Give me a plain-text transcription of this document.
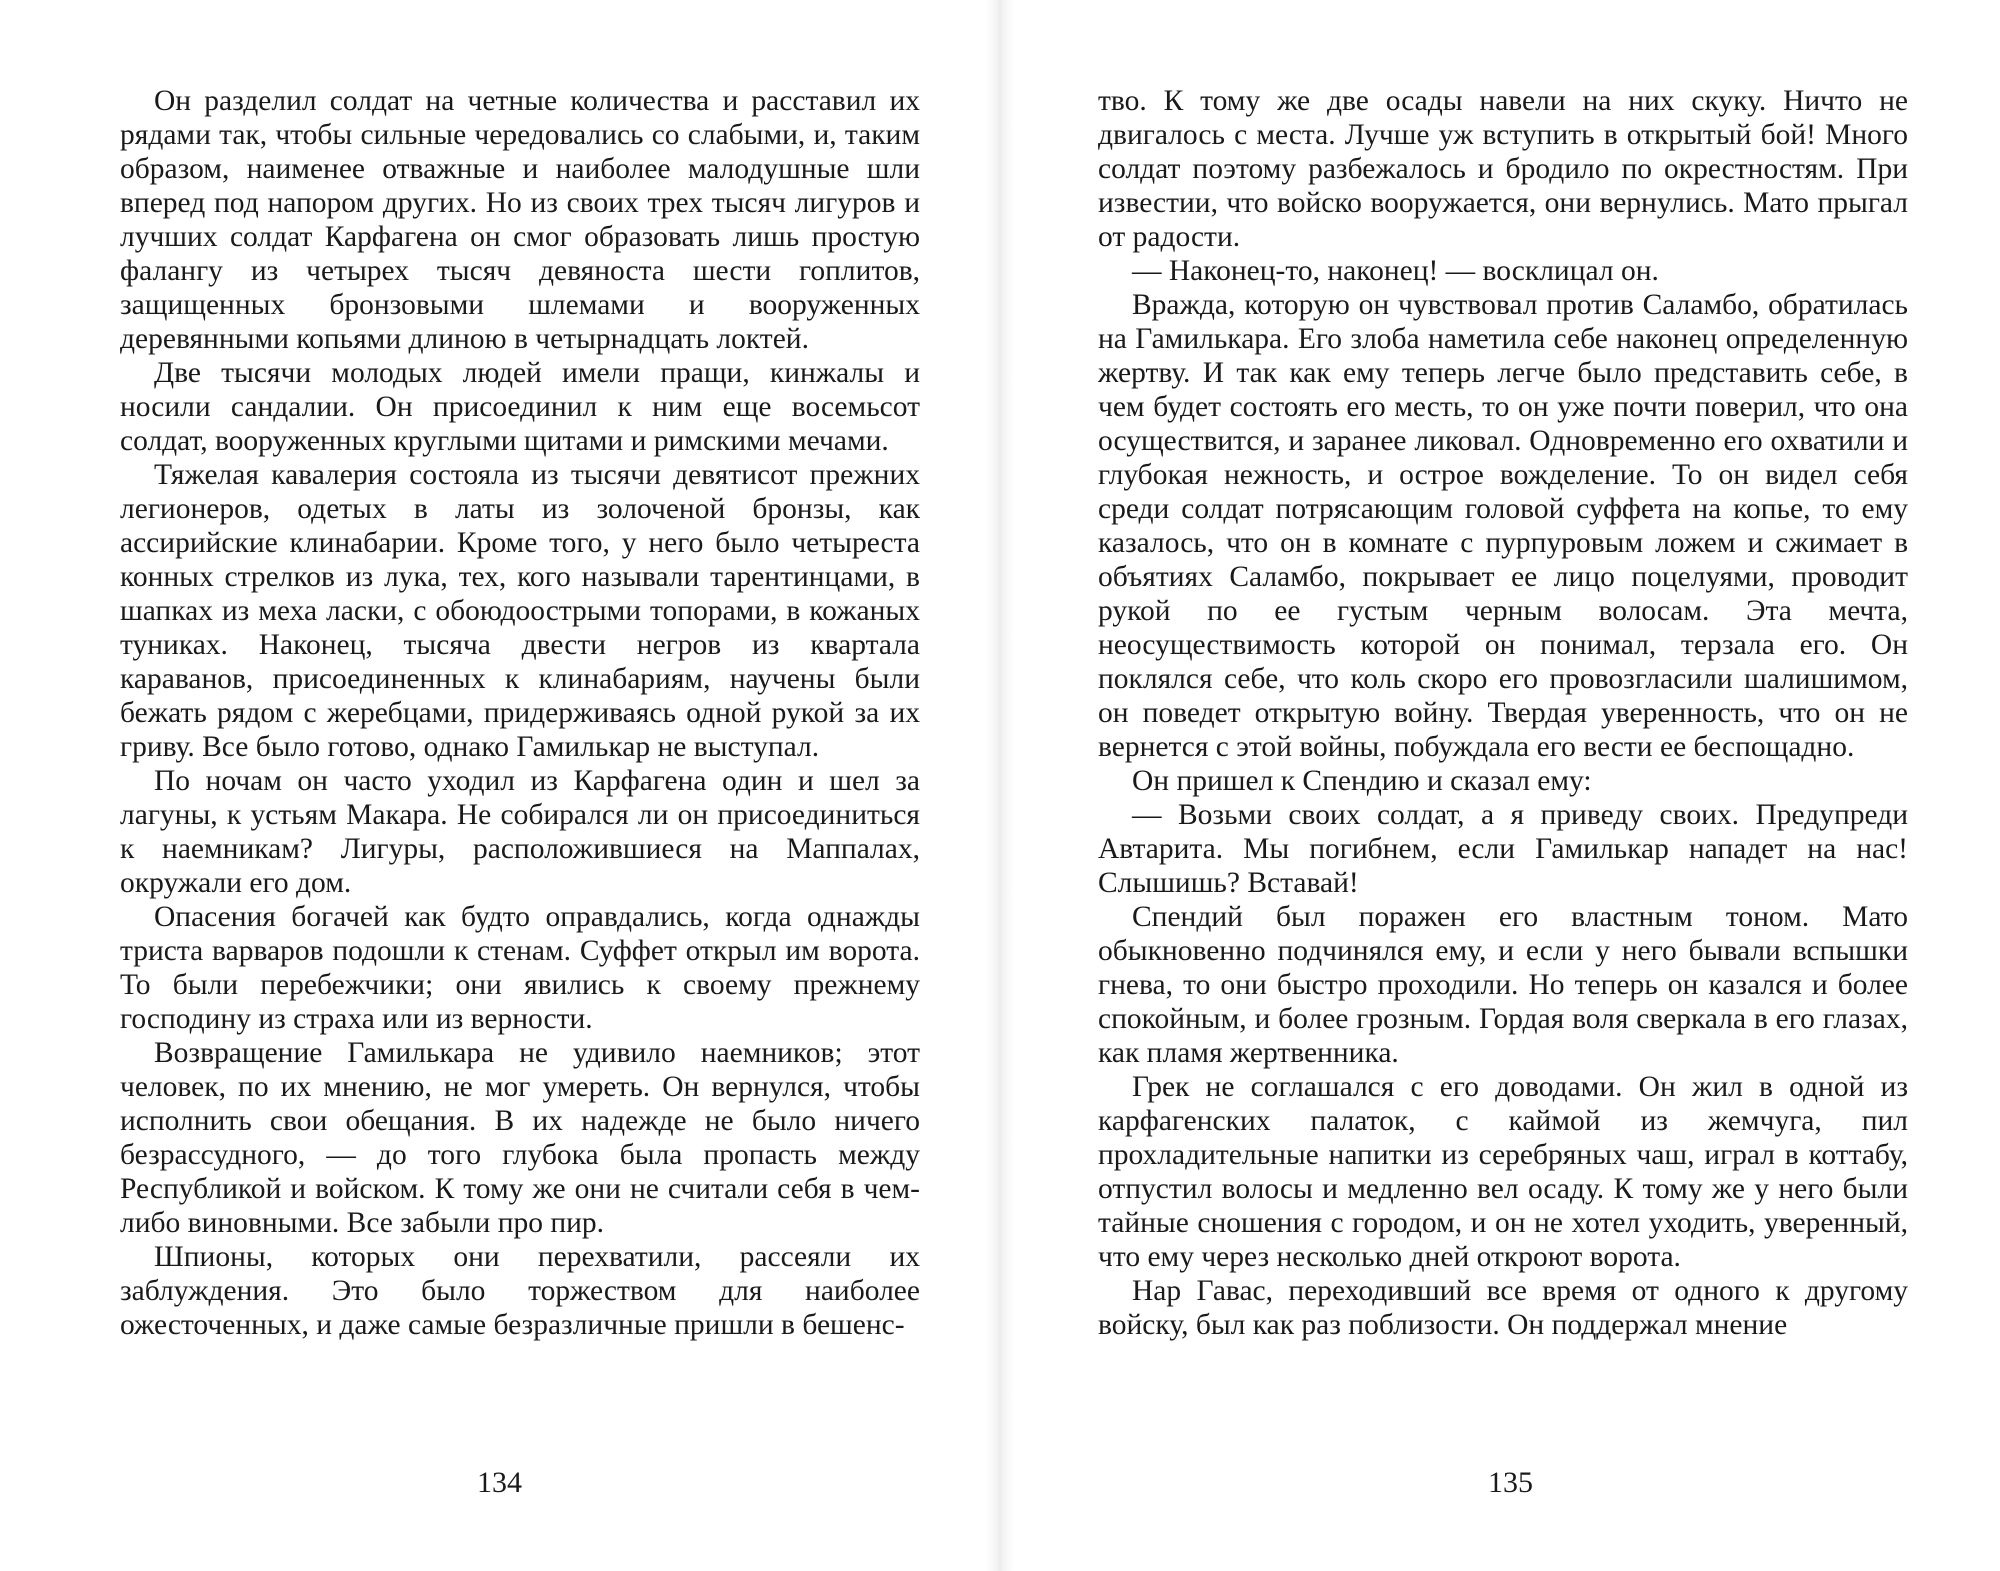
Он разделил солдат на четные количества и расставил их рядами так, чтобы сильные чередовались со слабыми, и, таким образом, наименее отважные и наиболее малодушные шли вперед под напором других. Но из своих трех тысяч лигуров и лучших солдат Карфагена он смог образовать лишь простую фалангу из четырех тысяч девяноста шести гоплитов, защищенных бронзовыми шлемами и вооруженных деревянными копьями длиною в четырнадцать локтей.

Две тысячи молодых людей имели пращи, кинжалы и носили сандалии. Он присоединил к ним еще восемьсот солдат, вооруженных круглыми щитами и римскими мечами.

Тяжелая кавалерия состояла из тысячи девятисот прежних легионеров, одетых в латы из золоченой бронзы, как ассирийские клинабарии. Кроме того, у него было четыреста конных стрелков из лука, тех, кого называли тарентинцами, в шапках из меха ласки, с обоюдоострыми топорами, в кожаных туниках. Наконец, тысяча двести негров из квартала караванов, присоединенных к клинабариям, научены были бежать рядом с жеребцами, придерживаясь одной рукой за их гриву. Все было готово, однако Гамилькар не выступал.

По ночам он часто уходил из Карфагена один и шел за лагуны, к устьям Макара. Не собирался ли он присоединиться к наемникам? Лигуры, расположившиеся на Маппалах, окружали его дом.

Опасения богачей как будто оправдались, когда однажды триста варваров подошли к стенам. Суффет открыл им ворота. То были перебежчики; они явились к своему прежнему господину из страха или из верности.

Возвращение Гамилькара не удивило наемников; этот человек, по их мнению, не мог умереть. Он вернулся, чтобы исполнить свои обещания. В их надежде не было ничего безрассудного, — до того глубока была пропасть между Республикой и войском. К тому же они не считали себя в чем-либо виновными. Все забыли про пир.

Шпионы, которых они перехватили, рассеяли их заблуждения. Это было торжеством для наиболее ожесточенных, и даже самые безразличные пришли в бешенс-

134

тво. К тому же две осады навели на них скуку. Ничто не двигалось с места. Лучше уж вступить в открытый бой! Много солдат поэтому разбежалось и бродило по окрестностям. При известии, что войско вооружается, они вернулись. Мато прыгал от радости.

— Наконец-то, наконец! — восклицал он.

Вражда, которую он чувствовал против Саламбо, обратилась на Гамилькара. Его злоба наметила себе наконец определенную жертву. И так как ему теперь легче было представить себе, в чем будет состоять его месть, то он уже почти поверил, что она осуществится, и заранее ликовал. Одновременно его охватили и глубокая нежность, и острое вожделение. То он видел себя среди солдат потрясающим головой суффета на копье, то ему казалось, что он в комнате с пурпуровым ложем и сжимает в объятиях Саламбо, покрывает ее лицо поцелуями, проводит рукой по ее густым черным волосам. Эта мечта, неосуществимость которой он понимал, терзала его. Он поклялся себе, что коль скоро его провозгласили шалишимом, он поведет открытую войну. Твердая уверенность, что он не вернется с этой войны, побуждала его вести ее беспощадно.

Он пришел к Спендию и сказал ему:

— Возьми своих солдат, а я приведу своих. Предупреди Автарита. Мы погибнем, если Гамилькар нападет на нас! Слышишь? Вставай!

Спендий был поражен его властным тоном. Мато обыкновенно подчинялся ему, и если у него бывали вспышки гнева, то они быстро проходили. Но теперь он казался и более спокойным, и более грозным. Гордая воля сверкала в его глазах, как пламя жертвенника.

Грек не соглашался с его доводами. Он жил в одной из карфагенских палаток, с каймой из жемчуга, пил прохладительные напитки из серебряных чаш, играл в коттабу, отпустил волосы и медленно вел осаду. К тому же у него были тайные сношения с городом, и он не хотел уходить, уверенный, что ему через несколько дней откроют ворота.

Нар Гавас, переходивший все время от одного к другому войску, был как раз поблизости. Он поддержал мнение

135
